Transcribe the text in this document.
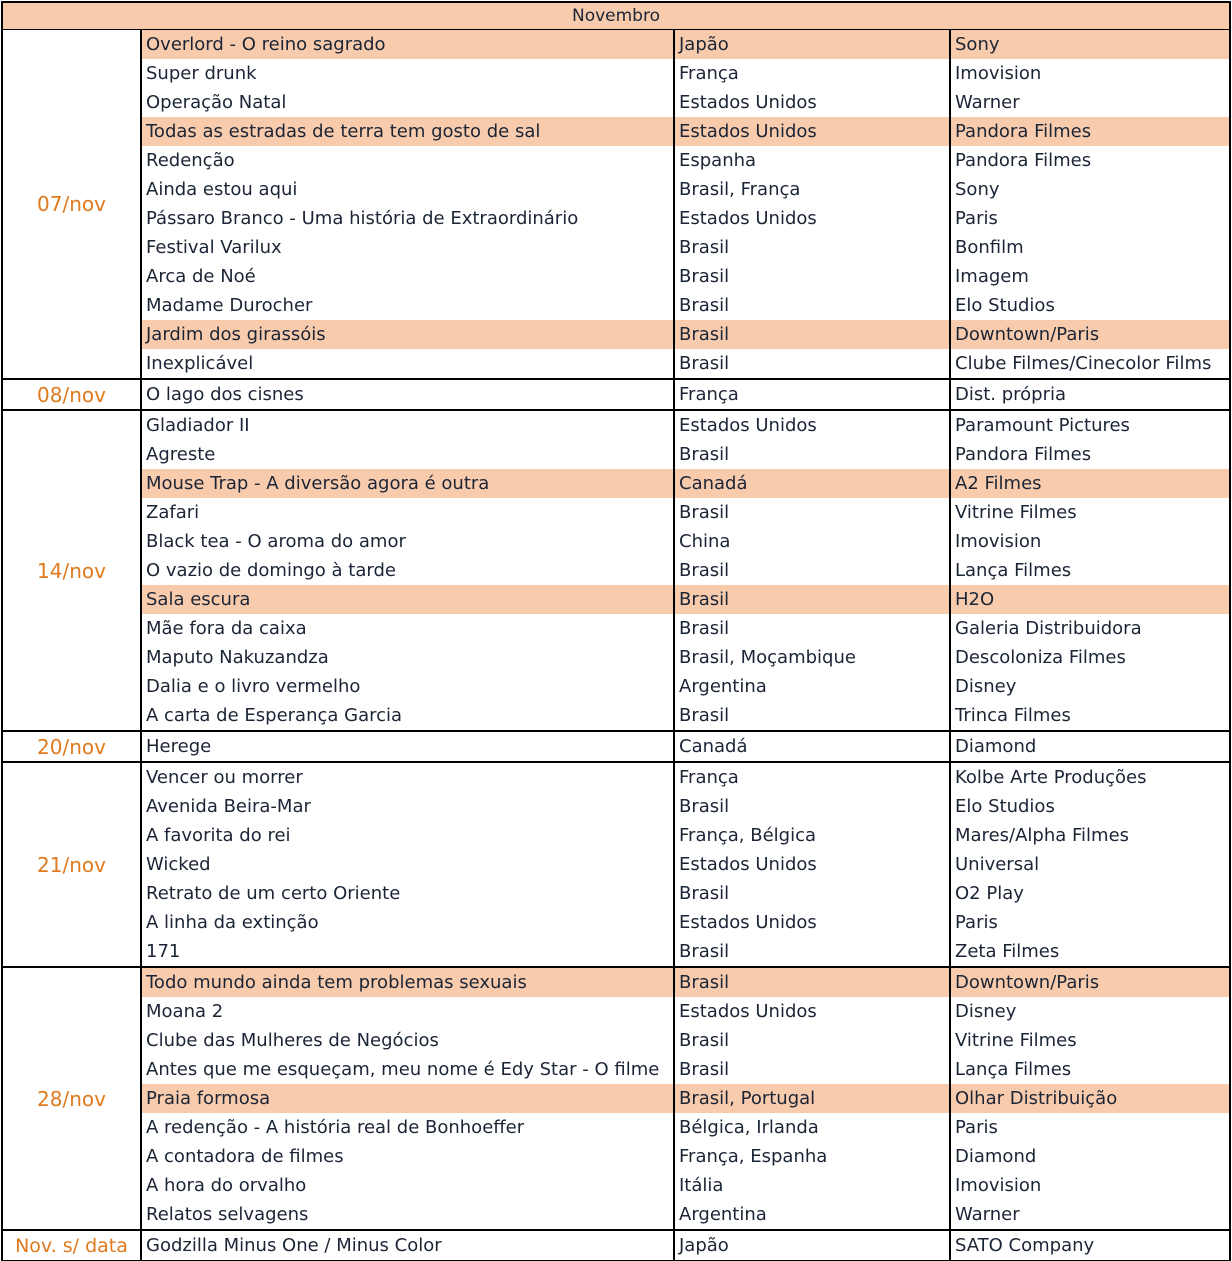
Novembro
07/nov
Overlord - O reino sagrado	Japão	Sony
Super drunk	França	Imovision
Operação Natal	Estados Unidos	Warner
Todas as estradas de terra tem gosto de sal	Estados Unidos	Pandora Filmes
Redenção	Espanha	Pandora Filmes
Ainda estou aqui	Brasil, França	Sony
Pássaro Branco - Uma história de Extraordinário	Estados Unidos	Paris
Festival Varilux	Brasil	Bonfilm
Arca de Noé	Brasil	Imagem
Madame Durocher	Brasil	Elo Studios
Jardim dos girassóis	Brasil	Downtown/Paris
Inexplicável	Brasil	Clube Filmes/Cinecolor Films
08/nov	O lago dos cisnes	França	Dist. própria
14/nov
Gladiador II	Estados Unidos	Paramount Pictures
Agreste	Brasil	Pandora Filmes
Mouse Trap - A diversão agora é outra	Canadá	A2 Filmes
Zafari	Brasil	Vitrine Filmes
Black tea - O aroma do amor	China	Imovision
O vazio de domingo à tarde	Brasil	Lança Filmes
Sala escura	Brasil	H2O
Mãe fora da caixa	Brasil	Galeria Distribuidora
Maputo Nakuzandza	Brasil, Moçambique	Descoloniza Filmes
Dalia e o livro vermelho	Argentina	Disney
A carta de Esperança Garcia	Brasil	Trinca Filmes
20/nov	Herege	Canadá	Diamond
21/nov
Vencer ou morrer	França	Kolbe Arte Produções
Avenida Beira-Mar	Brasil	Elo Studios
A favorita do rei	França, Bélgica	Mares/Alpha Filmes
Wicked	Estados Unidos	Universal
Retrato de um certo Oriente	Brasil	O2 Play
A linha da extinção	Estados Unidos	Paris
171	Brasil	Zeta Filmes
28/nov
Todo mundo ainda tem problemas sexuais	Brasil	Downtown/Paris
Moana 2	Estados Unidos	Disney
Clube das Mulheres de Negócios	Brasil	Vitrine Filmes
Antes que me esqueçam, meu nome é Edy Star - O filme	Brasil	Lança Filmes
Praia formosa	Brasil, Portugal	Olhar Distribuição
A redenção - A história real de Bonhoeffer	Bélgica, Irlanda	Paris
A contadora de filmes	França, Espanha	Diamond
A hora do orvalho	Itália	Imovision
Relatos selvagens	Argentina	Warner
Nov. s/ data	Godzilla Minus One / Minus Color	Japão	SATO Company
